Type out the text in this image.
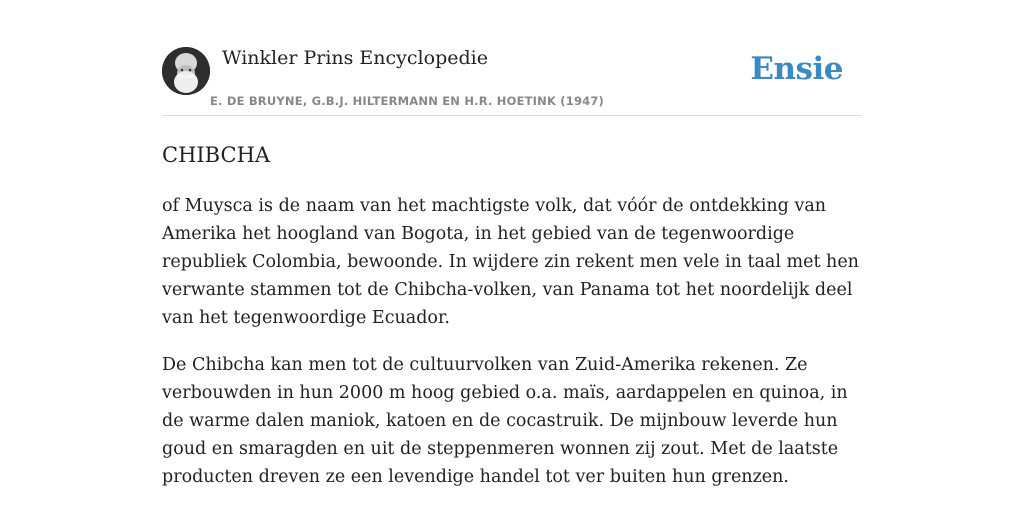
Winkler Prins Encyclopedie
E. DE BRUYNE, G.B.J. HILTERMANN EN H.R. HOETINK (1947)
Ensie
CHIBCHA

of Muysca is de naam van het machtigste volk, dat vóór de ontdekking van Amerika het hoogland van Bogota, in het gebied van de tegenwoordige republiek Colombia, bewoonde. In wijdere zin rekent men vele in taal met hen verwante stammen tot de Chibcha-volken, van Panama tot het noordelijk deel van het tegenwoordige Ecuador.

De Chibcha kan men tot de cultuurvolken van Zuid-Amerika rekenen. Ze verbouwden in hun 2000 m hoog gebied o.a. maïs, aardappelen en quinoa, in de warme dalen maniok, katoen en de cocastruik. De mijnbouw leverde hun goud en smaragden en uit de steppenmeren wonnen zij zout. Met de laatste producten dreven ze een levendige handel tot ver buiten hun grenzen.
